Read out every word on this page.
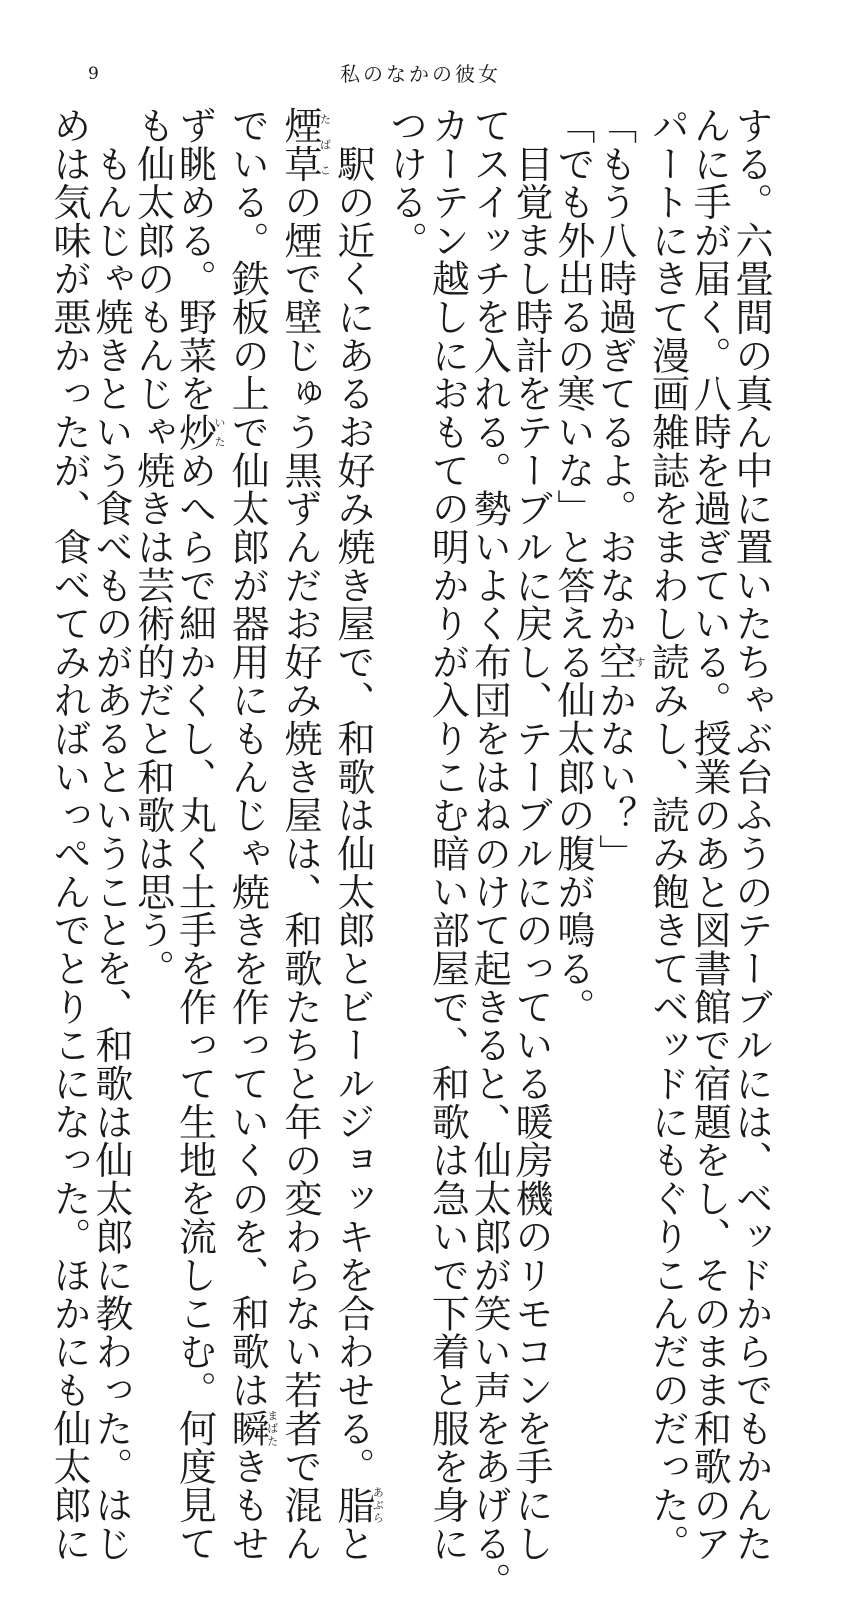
9	私のなかの彼女
する。六畳間の真ん中に置いたちゃぶ台ふうのテーブルには、ベッドからでもかんた
んに手が届く。八時を過ぎている。授業のあと図書館で宿題をし、そのまま和歌のア
パートにきて漫画雑誌をまわし読みし、読み飽きてベッドにもぐりこんだのだった。
「もう八時過ぎてるよ。おなか空すかない？」
「でも外出るの寒いな」と答える仙太郎の腹が鳴る。
　目覚まし時計をテーブルに戻し、テーブルにのっている暖房機のリモコンを手にし
てスイッチを入れる。勢いよく布団をはねのけて起きると、仙太郎が笑い声をあげる。
カーテン越しにおもての明かりが入りこむ暗い部屋で、和歌は急いで下着と服を身に
つける。
　駅の近くにあるお好み焼き屋で、和歌は仙太郎とビールジョッキを合わせる。脂あぶらと
煙草たばこの煙で壁じゅう黒ずんだお好み焼き屋は、和歌たちと年の変わらない若者で混ん
でいる。鉄板の上で仙太郎が器用にもんじゃ焼きを作っていくのを、和歌は瞬まばたきもせ
ず眺める。野菜を炒いためへらで細かくし、丸く土手を作って生地を流しこむ。何度見て
も仙太郎のもんじゃ焼きは芸術的だと和歌は思う。
　もんじゃ焼きという食べものがあるということを、和歌は仙太郎に教わった。はじ
めは気味が悪かったが、食べてみればいっぺんでとりこになった。ほかにも仙太郎に
